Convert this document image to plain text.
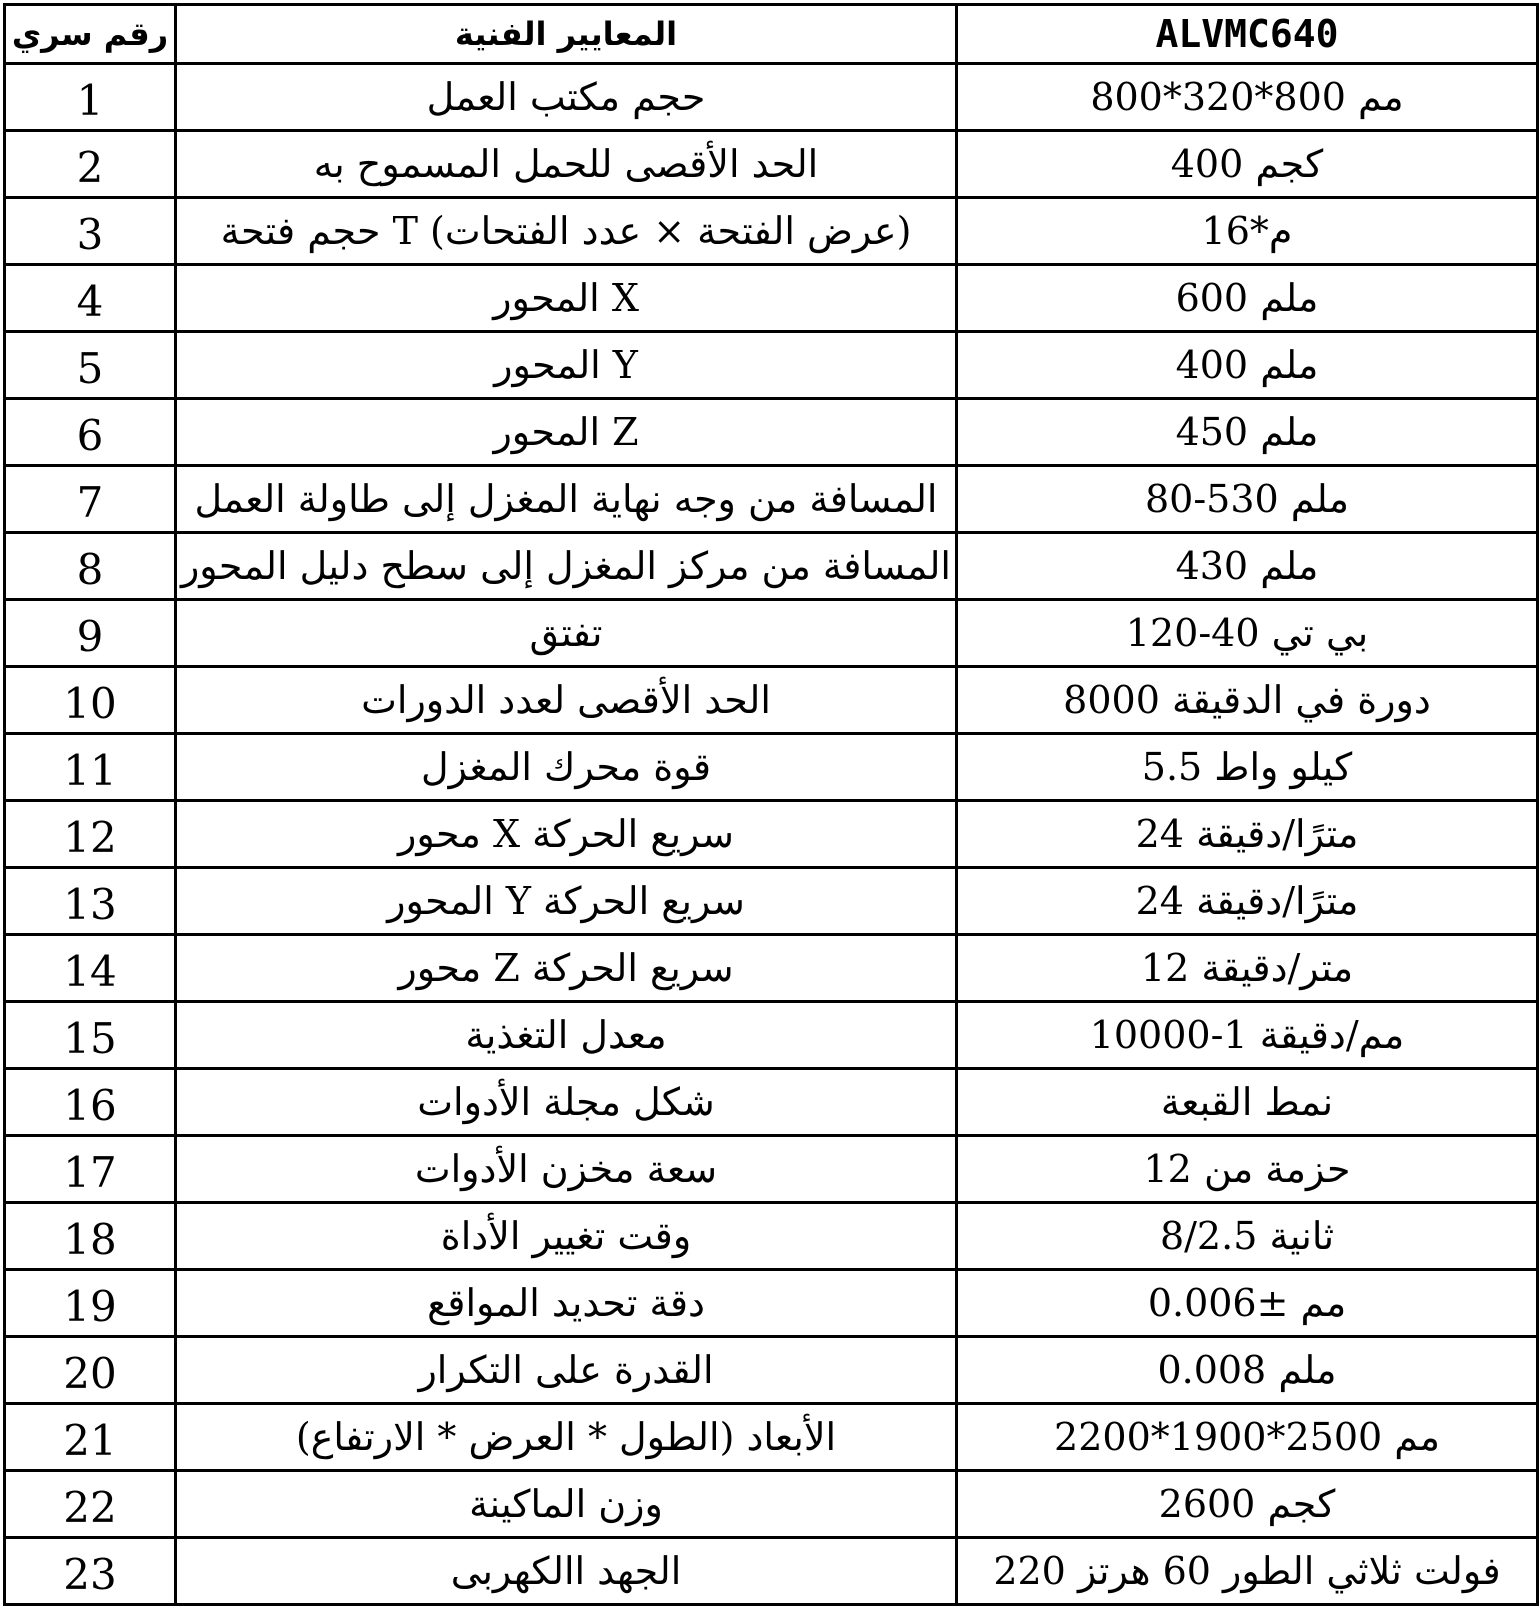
رقم سري	المعايير الفنية	ALVMC640
1	حجم مكتب العمل	مم 800*320*800
2	الحد الأقصى للحمل المسموح به	كجم 400
3	(عرض الفتحة × عدد الفتحات) T حجم فتحة	م*16
4	X المحور	ملم 600
5	Y المحور	ملم 400
6	Z المحور	ملم 450
7	المسافة من وجه نهاية المغزل إلى طاولة العمل	ملم 530-80
8	المسافة من مركز المغزل إلى سطح دليل المحور	ملم 430
9	تفتق	بي تي 40-120
10	الحد الأقصى لعدد الدورات	دورة في الدقيقة 8000
11	قوة محرك المغزل	كيلو واط 5.5
12	سريع الحركة X محور	مترًا/دقيقة 24
13	سريع الحركة Y المحور	مترًا/دقيقة 24
14	سريع الحركة Z محور	متر/دقيقة 12
15	معدل التغذية	مم/دقيقة 1-10000
16	شكل مجلة الأدوات	نمط القبعة
17	سعة مخزن الأدوات	حزمة من 12
18	وقت تغيير الأداة	ثانية 8/2.5
19	دقة تحديد المواقع	مم ±0.006
20	القدرة على التكرار	ملم 0.008
21	الأبعاد (الطول * العرض * الارتفاع)	مم 2500*1900*2200
22	وزن الماكينة	كجم 2600
23	الجهد االكهربى	فولت ثلاثي الطور 60 هرتز 220
